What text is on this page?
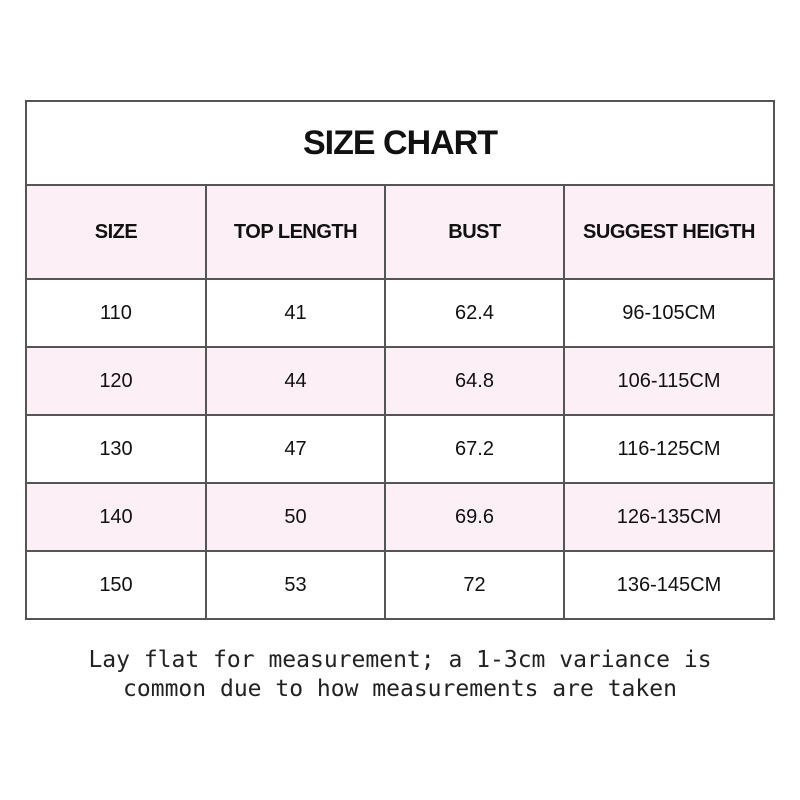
SIZE CHART			
SIZE	TOP LENGTH	BUST	SUGGEST HEIGTH
110	41	62.4	96-105CM
120	44	64.8	106-115CM
130	47	67.2	116-125CM
140	50	69.6	126-135CM
150	53	72	136-145CM
Lay flat for measurement; a 1-3cm variance is
common due to how measurements are taken
